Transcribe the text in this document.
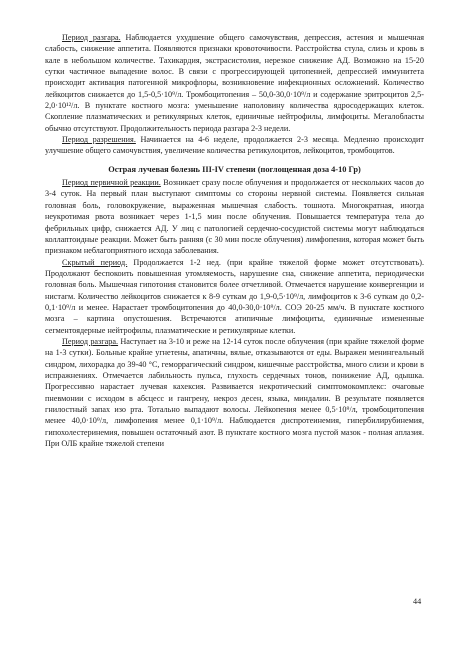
Период разгара. Наблюдается ухудшение общего самочувствия, депрессия, астения и мышечная слабость, снижение аппетита. Появляются признаки кровоточивости. Расстройства стула, слизь и кровь в кале в небольшом количестве. Тахикардия, экстрасистолия, нерезкое снижение АД. Возможно на 15-20 сутки частичное выпадение волос. В связи с прогрессирующей цитопенией, депрессией иммунитета происходит активация патогенной микрофлоры, возникновение инфекционных осложнений. Количество лейкоцитов снижается до 1,5-0,5·10⁹/л. Тромбоцитопения – 50,0-30,0·10⁹/л и содержание эритроцитов 2,5-2,0·10¹²/л. В пунктате костного мозга: уменьшение наполовину количества ядросодержащих клеток. Скопление плазматических и ретикулярных клеток, единичные нейтрофилы, лимфоциты. Мегалобласты обычно отсутствуют. Продолжительность периода разгара 2-3 недели.

Период разрешения. Начинается на 4-6 неделе, продолжается 2-3 месяца. Медленно происходит улучшение общего самочувствия, увеличение количества ретикулоцитов, лейкоцитов, тромбоцитов.

Острая лучевая болезнь III-IV степени (поглощенная доза 4-10 Гр)

Период первичной реакции. Возникает сразу после облучения и продолжается от нескольких часов до 3-4 суток. На первый план выступают симптомы со стороны нервной системы. Появляется сильная головная боль, головокружение, выраженная мышечная слабость. тошнота. Многократная, иногда неукротимая рвота возникает через 1-1,5 мин после облучения. Повышается температура тела до фебрильных цифр, снижается АД. У лиц с патологией сердечно-сосудистой системы могут наблюдаться коллаптоидные реакции. Может быть ранняя (с 30 мин после облучения) лимфопения, которая может быть признаком неблагоприятного исхода заболевания.

Скрытый период. Продолжается 1-2 нед. (при крайне тяжелой форме может отсутствовать). Продолжают беспокоить повышенная утомляемость, нарушение сна, снижение аппетита, периодически головная боль. Мышечная гипотония становится более отчетливой. Отмечается нарушение конвергенции и нистагм. Количество лейкоцитов снижается к 8-9 суткам до 1,9-0,5·10⁹/л, лимфоцитов к 3-6 суткам до 0,2-0,1·10⁹/л и менее. Нарастает тромбоцитопения до 40,0-30,0·10⁹/л. СОЭ 20-25 мм/ч. В пунктате костного мозга – картина опустошения. Встречаются атипичные лимфоциты, единичные измененные сегментоядерные нейтрофилы, плазматические и ретикулярные клетки.

Период разгара. Наступает на 3-10 и реже на 12-14 суток после облучения (при крайне тяжелой форме на 1-3 сутки). Больные крайне угнетены, апатичны, вялые, отказываются от еды. Выражен менингеальный синдром, лихорадка до 39-40 °С, геморрагический синдром, кишечные расстройства, много слизи и крови в испражнениях. Отмечается лабильность пульса, глухость сердечных тонов, понижение АД, одышка. Прогрессивно нарастает лучевая кахексия. Развивается некротический симптомокомплекс: очаговые пневмонии с исходом в абсцесс и гангрену, некроз десен, языка, миндалин. В результате появляется гнилостный запах изо рта. Тотально выпадают волосы. Лейкопения менее 0,5·10⁹/л, тромбоцитопения менее 40,0·10⁹/л, лимфопения менее 0,1·10⁹/л. Наблюдается диспротеинемия, гипербилирубинемия, гипохолестеринемия, повышен остаточный азот. В пунктате костного мозга пустой мазок - полная аплазия. При ОЛБ крайне тяжелой степени

44
